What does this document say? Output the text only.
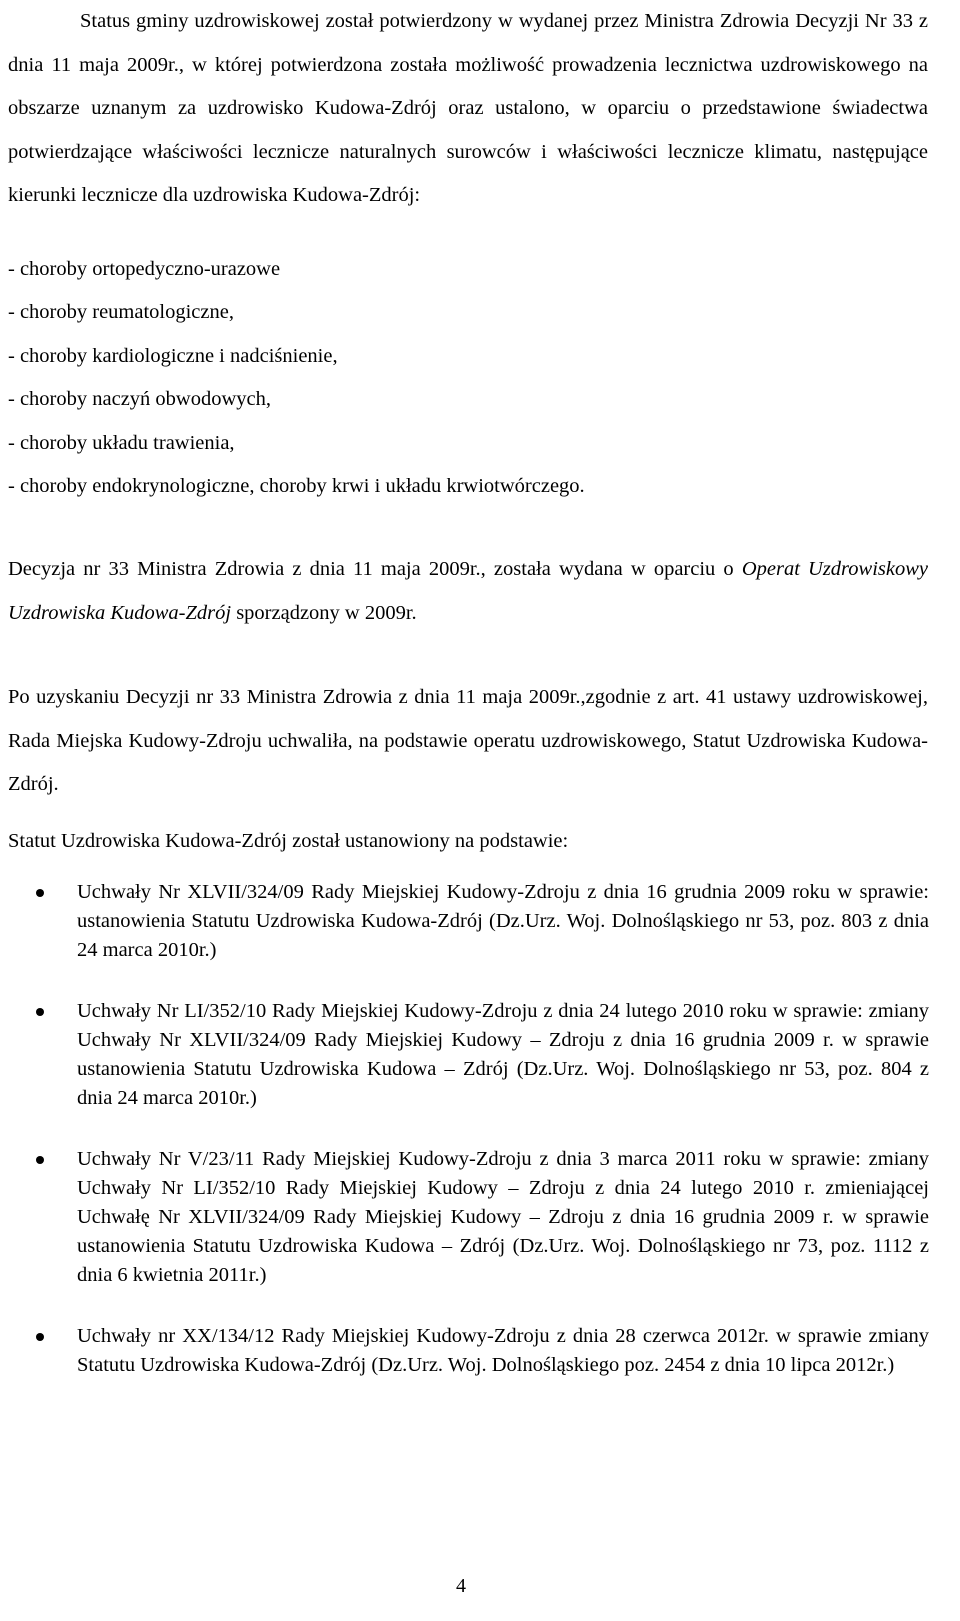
Status gminy uzdrowiskowej został potwierdzony w wydanej przez Ministra Zdrowia Decyzji Nr 33 z dnia 11 maja 2009r., w której potwierdzona została możliwość prowadzenia lecznictwa uzdrowiskowego na obszarze uznanym za uzdrowisko Kudowa-Zdrój oraz ustalono, w oparciu o przedstawione świadectwa potwierdzające właściwości lecznicze naturalnych surowców i właściwości lecznicze klimatu, następujące kierunki lecznicze dla uzdrowiska Kudowa-Zdrój:

- choroby ortopedyczno-urazowe
- choroby reumatologiczne,
- choroby kardiologiczne i nadciśnienie,
- choroby naczyń obwodowych,
- choroby układu trawienia,
- choroby endokrynologiczne, choroby krwi i układu krwiotwórczego.

Decyzja nr 33 Ministra Zdrowia z dnia 11 maja 2009r., została wydana w oparciu o Operat Uzdrowiskowy Uzdrowiska Kudowa-Zdrój sporządzony w 2009r.

Po uzyskaniu Decyzji nr 33 Ministra Zdrowia z dnia 11 maja 2009r.,zgodnie z art. 41 ustawy uzdrowiskowej, Rada Miejska Kudowy-Zdroju uchwaliła, na podstawie operatu uzdrowiskowego, Statut Uzdrowiska Kudowa-Zdrój.

Statut Uzdrowiska Kudowa-Zdrój został ustanowiony na podstawie:

Uchwały Nr XLVII/324/09 Rady Miejskiej Kudowy-Zdroju z dnia 16 grudnia 2009 roku w sprawie: ustanowienia Statutu Uzdrowiska Kudowa-Zdrój (Dz.Urz. Woj. Dolnośląskiego nr 53, poz. 803 z dnia 24 marca 2010r.)
Uchwały Nr LI/352/10 Rady Miejskiej Kudowy-Zdroju z dnia 24 lutego 2010 roku w sprawie: zmiany Uchwały Nr XLVII/324/09 Rady Miejskiej Kudowy – Zdroju z dnia 16 grudnia 2009 r. w sprawie ustanowienia Statutu Uzdrowiska Kudowa – Zdrój (Dz.Urz. Woj. Dolnośląskiego nr 53, poz. 804 z dnia 24 marca 2010r.)
Uchwały Nr V/23/11 Rady Miejskiej Kudowy-Zdroju z dnia 3 marca 2011 roku w sprawie: zmiany Uchwały Nr LI/352/10 Rady Miejskiej Kudowy – Zdroju z dnia 24 lutego 2010 r. zmieniającej Uchwałę Nr XLVII/324/09 Rady Miejskiej Kudowy – Zdroju z dnia 16 grudnia 2009 r. w sprawie ustanowienia Statutu Uzdrowiska Kudowa – Zdrój (Dz.Urz. Woj. Dolnośląskiego nr 73, poz. 1112 z dnia 6 kwietnia 2011r.)
Uchwały nr XX/134/12 Rady Miejskiej Kudowy-Zdroju z dnia 28 czerwca 2012r. w sprawie zmiany Statutu Uzdrowiska Kudowa-Zdrój (Dz.Urz. Woj. Dolnośląskiego poz. 2454 z dnia 10 lipca 2012r.)
4
